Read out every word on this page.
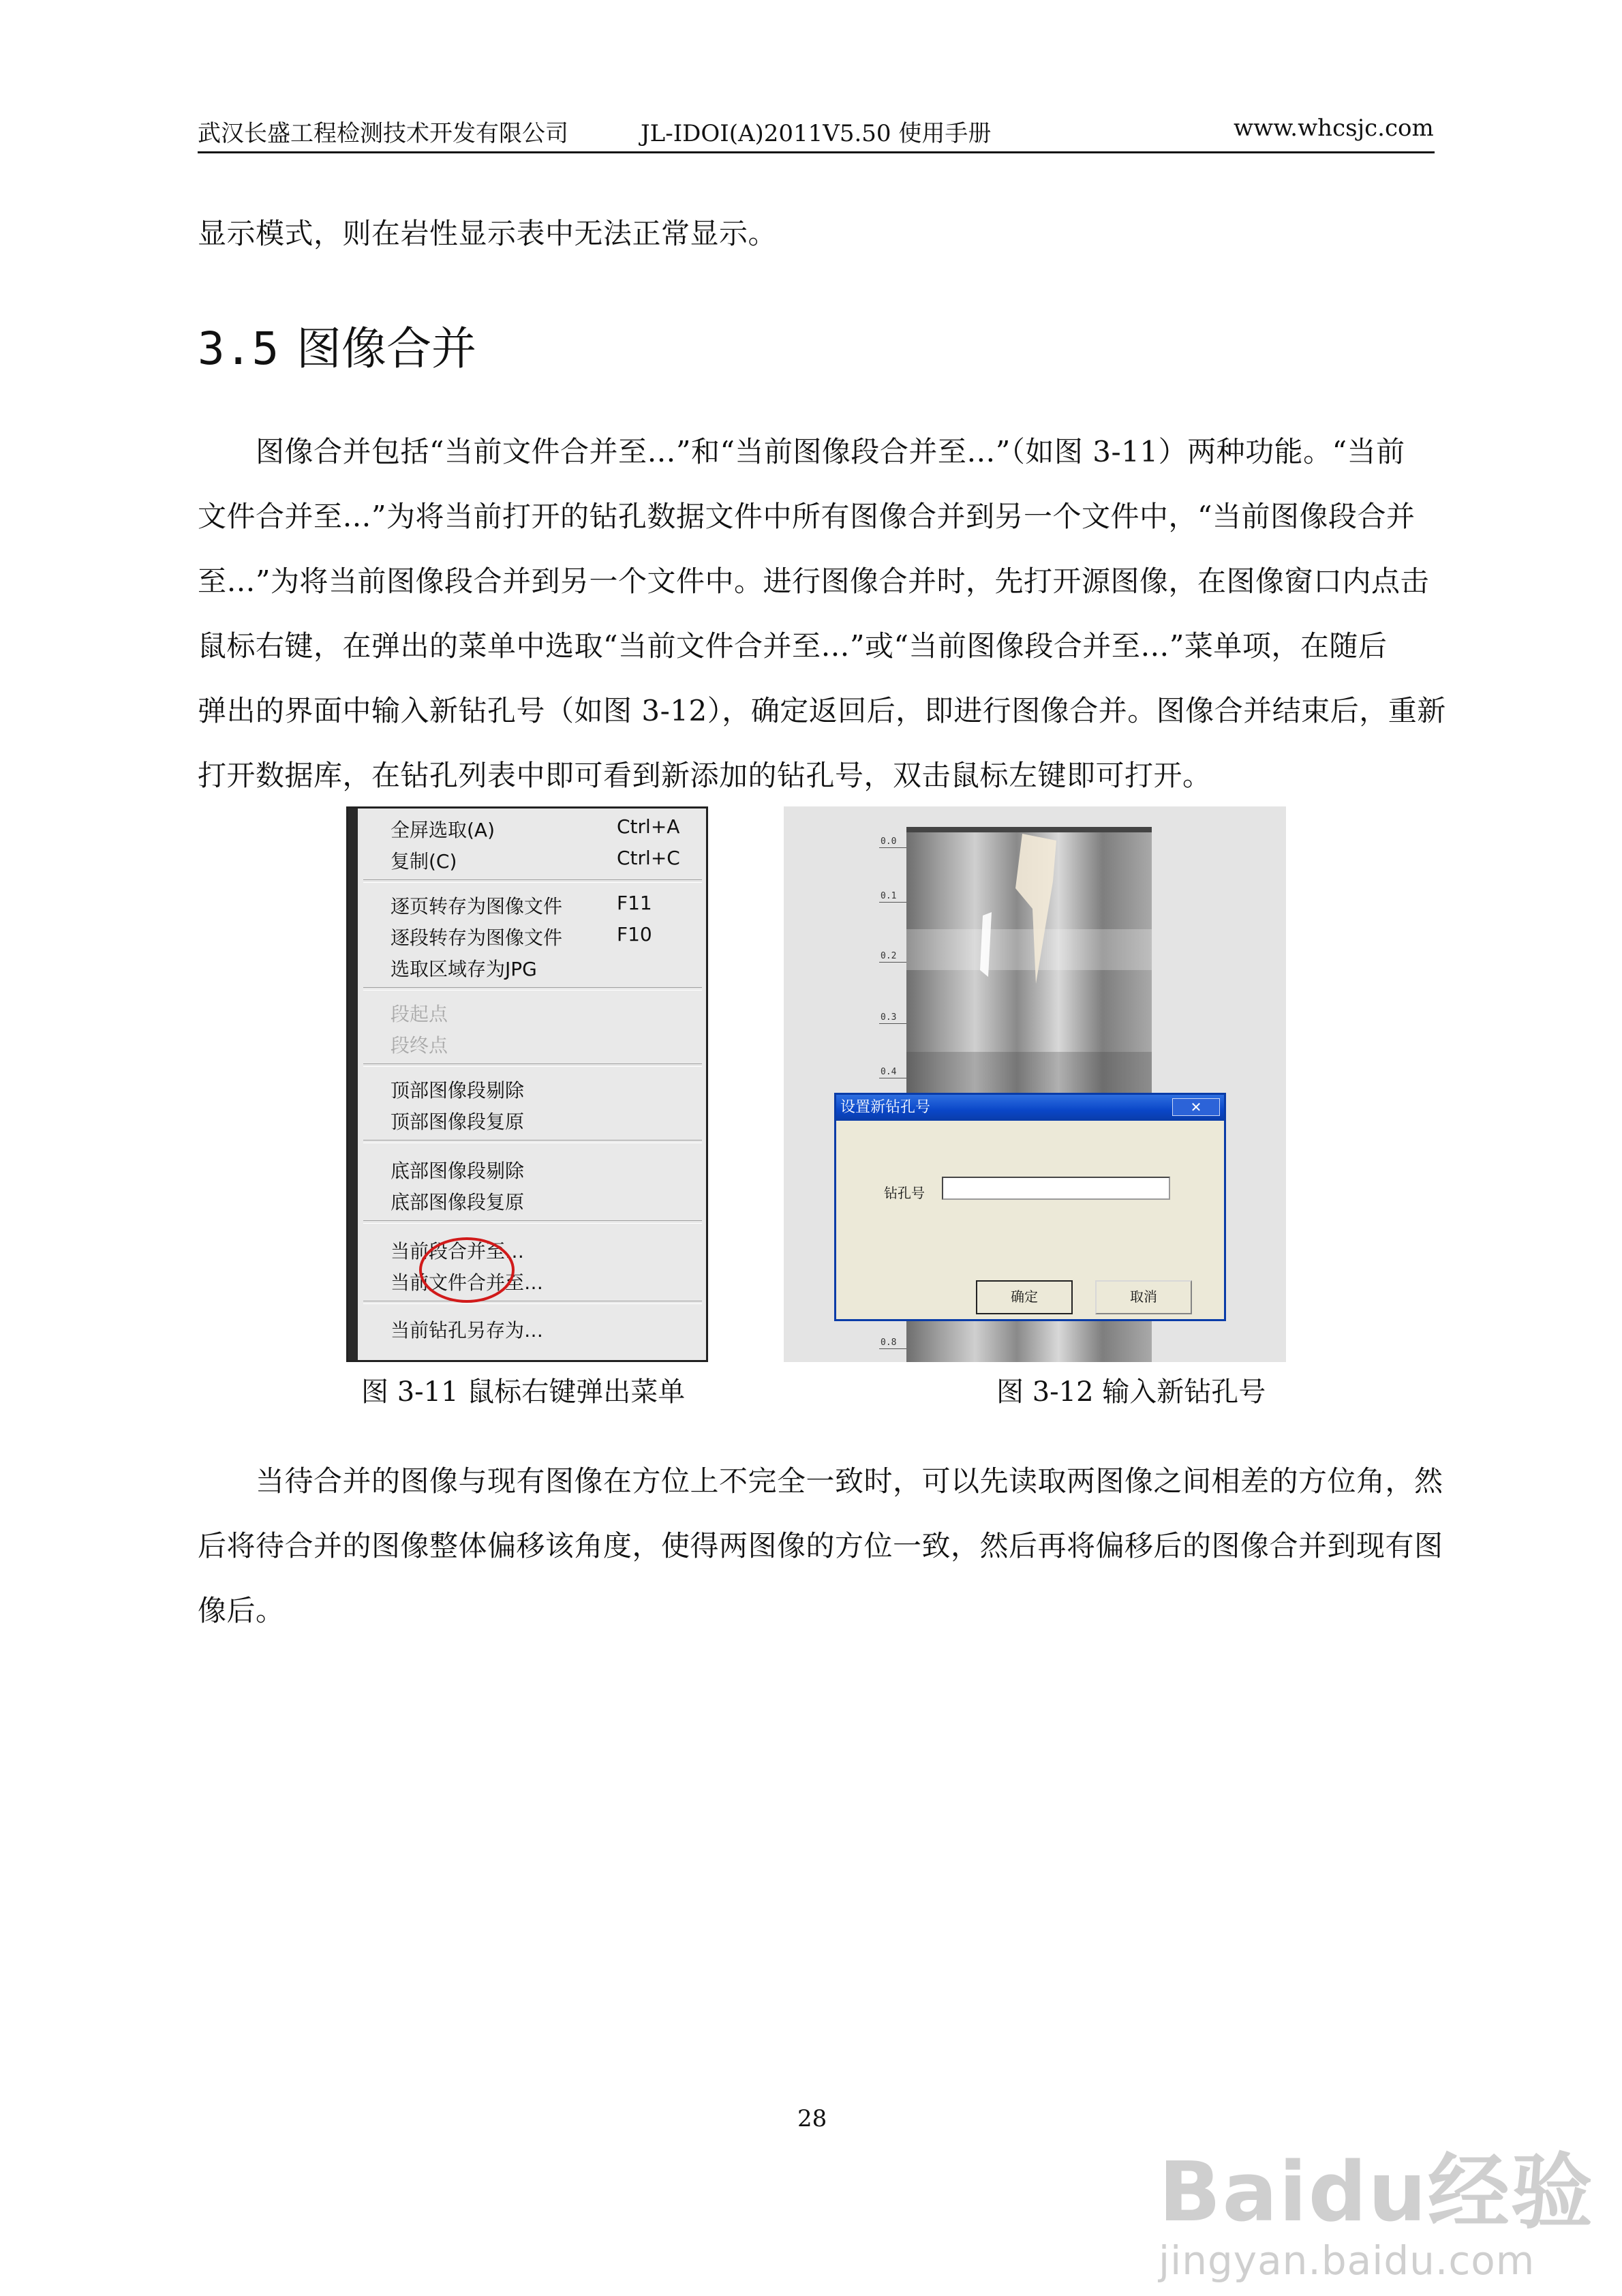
武汉长盛工程检测技术开发有限公司	JL-IDOI(A)2011V5.50 使用手册	www.whcsjc.com
显示模式，则在岩性显示表中无法正常显示。
3.5 图像合并
　　图像合并包括“当前文件合并至…”和“当前图像段合并至…”（如图 3-11）两种功能。“当前
文件合并至…”为将当前打开的钻孔数据文件中所有图像合并到另一个文件中，“当前图像段合并
至…”为将当前图像段合并到另一个文件中。进行图像合并时，先打开源图像，在图像窗口内点击
鼠标右键，在弹出的菜单中选取“当前文件合并至…”或“当前图像段合并至…”菜单项，在随后
弹出的界面中输入新钻孔号（如图 3-12），确定返回后，即进行图像合并。图像合并结束后，重新
打开数据库，在钻孔列表中即可看到新添加的钻孔号，双击鼠标左键即可打开。
全屏选取(A)	Ctrl+A
复制(C)	Ctrl+C
逐页转存为图像文件	F11
逐段转存为图像文件	F10
选取区域存为JPG
段起点
段终点
顶部图像段剔除
顶部图像段复原
底部图像段剔除
底部图像段复原
当前段合并至…
当前文件合并至…
当前钻孔另存为…
0.0
0.1
0.2
0.3
0.4
0.8
设置新钻孔号	✕
钻孔号
确定	取消
图 3-11 鼠标右键弹出菜单	图 3-12 输入新钻孔号
　　当待合并的图像与现有图像在方位上不完全一致时，可以先读取两图像之间相差的方位角，然
后将待合并的图像整体偏移该角度，使得两图像的方位一致，然后再将偏移后的图像合并到现有图
像后。
28
Baidu经验
jingyan.baidu.com
